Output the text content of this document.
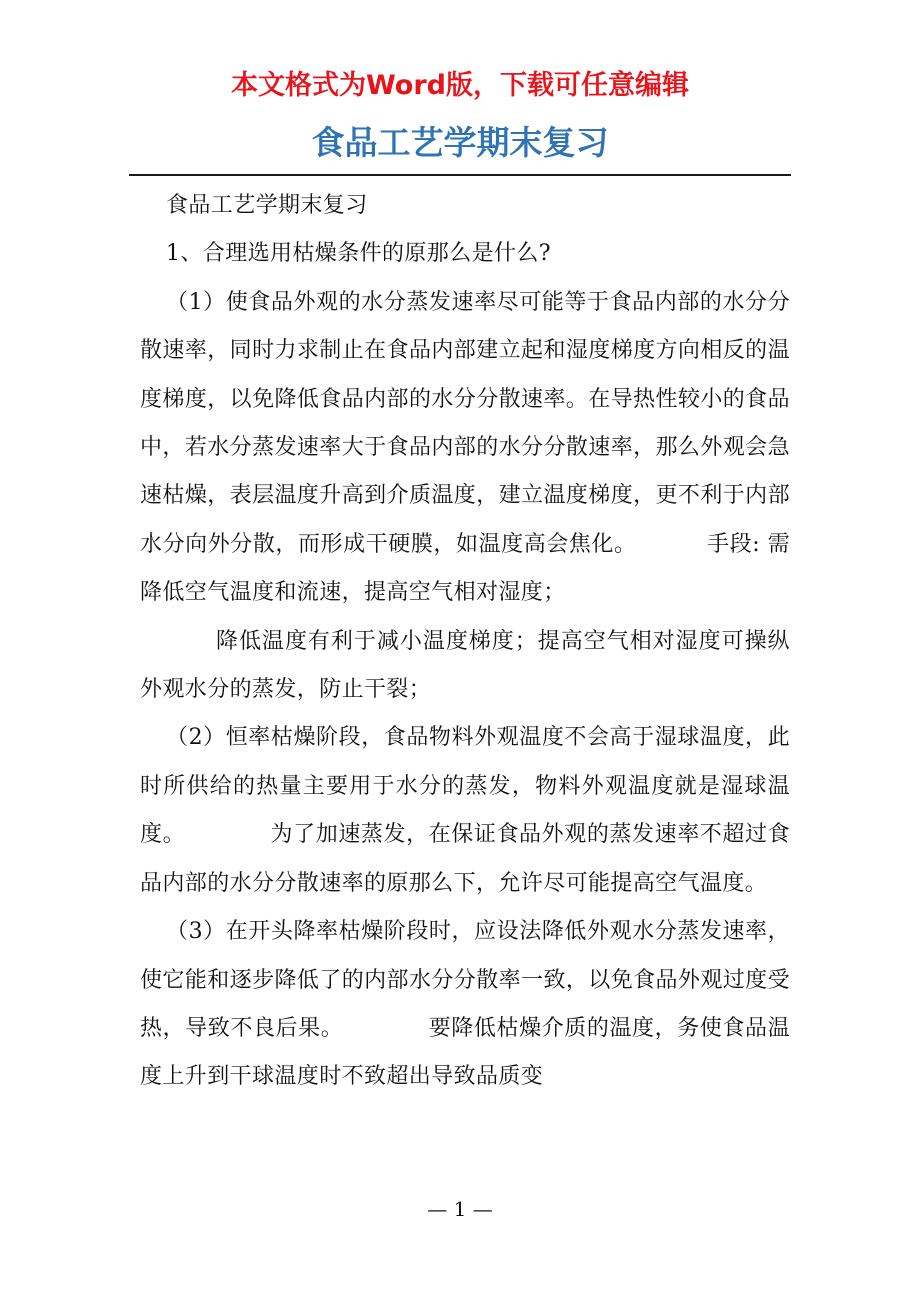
本文格式为Word版，下载可任意编辑
食品工艺学期末复习

食品工艺学期末复习

1、合理选用枯燥条件的原那么是什么?

（1）使食品外观的水分蒸发速率尽可能等于食品内部的水分分散速率，同时力求制止在食品内部建立起和湿度梯度方向相反的温度梯度，以免降低食品内部的水分分散速率。在导热性较小的食品中，若水分蒸发速率大于食品内部的水分分散速率，那么外观会急速枯燥，表层温度升高到介质温度，建立温度梯度，更不利于内部水分向外分散，而形成干硬膜，如温度高会焦化。	手段: 需降低空气温度和流速，提高空气相对湿度；

降低温度有利于减小温度梯度；提高空气相对湿度可操纵外观水分的蒸发，防止干裂；

（2）恒率枯燥阶段，食品物料外观温度不会高于湿球温度，此时所供给的热量主要用于水分的蒸发，物料外观温度就是湿球温度。	为了加速蒸发，在保证食品外观的蒸发速率不超过食品内部的水分分散速率的原那么下，允许尽可能提高空气温度。

（3）在开头降率枯燥阶段时，应设法降低外观水分蒸发速率，使它能和逐步降低了的内部水分分散率一致，以免食品外观过度受热，导致不良后果。	要降低枯燥介质的温度，务使食品温度上升到干球温度时不致超出导致品质变

— 1 —
